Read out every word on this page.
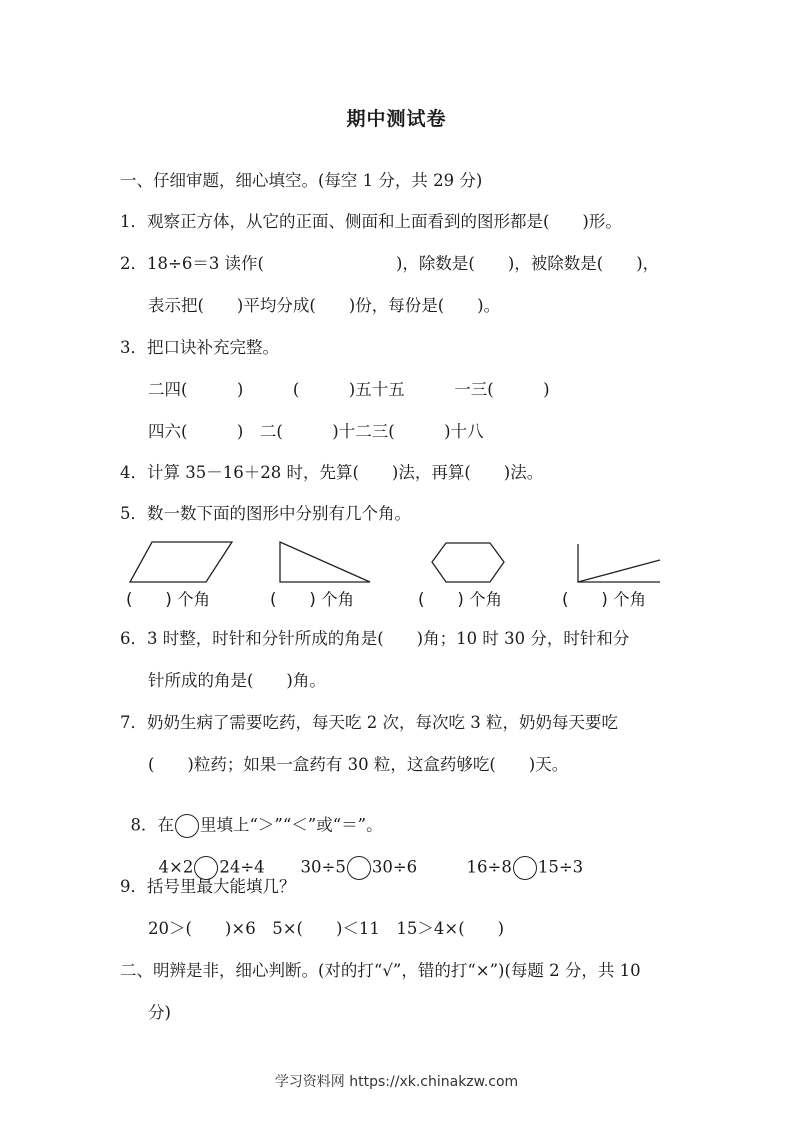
期中测试卷
一、仔细审题，细心填空。(每空 1 分，共 29 分)
1．观察正方体，从它的正面、侧面和上面看到的图形都是(　　)形。
2．18÷6＝3 读作(　　　　　　　　)，除数是(　　)，被除数是(　　)，
表示把(　　)平均分成(　　)份，每份是(　　)。
3．把口诀补充完整。
二四(　　　)　　　(　　　)五十五　　　一三(　　　)
四六(　　　)　二(　　　)十二三(　　　)十八
4．计算 35－16＋28 时，先算(　　)法，再算(　　)法。
5．数一数下面的图形中分别有几个角。
(　　) 个角	(　　) 个角	(　　) 个角	(　　) 个角
6．3 时整，时针和分针所成的角是(　　)角；10 时 30 分，时针和分
针所成的角是(　　)角。
7．奶奶生病了需要吃药，每天吃 2 次，每次吃 3 粒，奶奶每天要吃
(　　)粒药；如果一盒药有 30 粒，这盒药够吃(　　)天。

8．在 里填上“＞”“＜”或“＝”。

4×2 24÷4	30÷5 30÷6	16÷8 15÷3

9．括号里最大能填几？
20＞(　　)×6　5×(　　)＜11　15＞4×(　　)
二、明辨是非，细心判断。(对的打“√”，错的打“×”)(每题 2 分，共 10
分)
学习资料网 https://xk.chinakzw.com
